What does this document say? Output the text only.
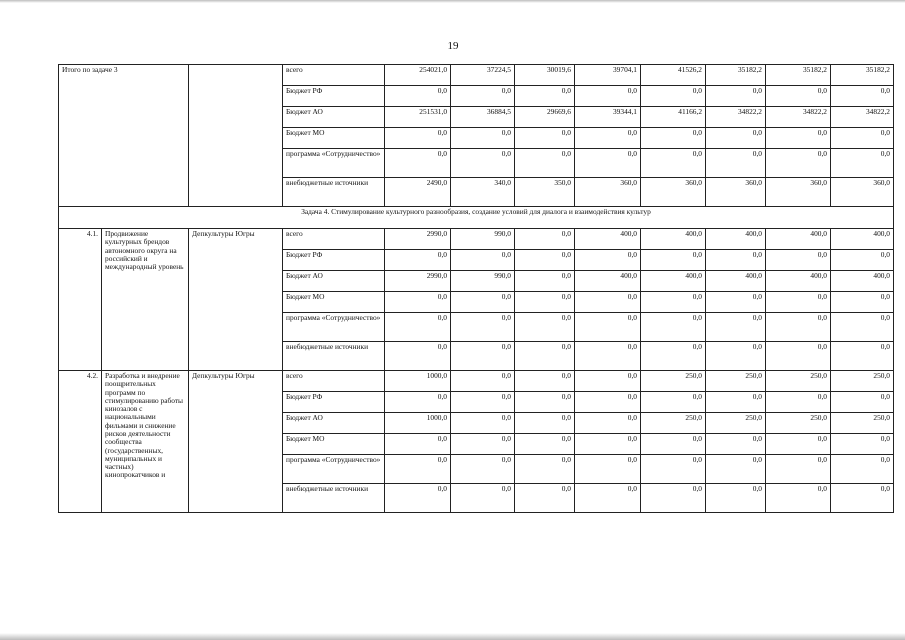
19
Итого по задаче 3			всего	254021,0	37224,5	30019,6	39704,1	41526,2	35182,2	35182,2	35182,2
			Бюджет РФ	0,0	0,0	0,0	0,0	0,0	0,0	0,0	0,0
			Бюджет АО	251531,0	36884,5	29669,6	39344,1	41166,2	34822,2	34822,2	34822,2
			Бюджет МО	0,0	0,0	0,0	0,0	0,0	0,0	0,0	0,0
			программа «Сотрудничество»	0,0	0,0	0,0	0,0	0,0	0,0	0,0	0,0
			внебюджетные источники	2490,0	340,0	350,0	360,0	360,0	360,0	360,0	360,0
Задача 4. Стимулирование культурного разнообразия, создание условий для диалога и взаимодействия культур											
4.1.	Продвижение культурных брендов автономного округа на российский и международный уровень	Депкультуры Югры	всего	2990,0	990,0	0,0	400,0	400,0	400,0	400,0	400,0
			Бюджет РФ	0,0	0,0	0,0	0,0	0,0	0,0	0,0	0,0
			Бюджет АО	2990,0	990,0	0,0	400,0	400,0	400,0	400,0	400,0
			Бюджет МО	0,0	0,0	0,0	0,0	0,0	0,0	0,0	0,0
			программа «Сотрудничество»	0,0	0,0	0,0	0,0	0,0	0,0	0,0	0,0
			внебюджетные источники	0,0	0,0	0,0	0,0	0,0	0,0	0,0	0,0
4.2.	Разработка и внедрение поощрительных программ по стимулированию работы кинозалов с национальными фильмами и снижение рисков деятельности сообщества (государственных, муниципальных и частных) кинопрокатчиков и	Депкультуры Югры	всего	1000,0	0,0	0,0	0,0	250,0	250,0	250,0	250,0
			Бюджет РФ	0,0	0,0	0,0	0,0	0,0	0,0	0,0	0,0
			Бюджет АО	1000,0	0,0	0,0	0,0	250,0	250,0	250,0	250,0
			Бюджет МО	0,0	0,0	0,0	0,0	0,0	0,0	0,0	0,0
			программа «Сотрудничество»	0,0	0,0	0,0	0,0	0,0	0,0	0,0	0,0
			внебюджетные источники	0,0	0,0	0,0	0,0	0,0	0,0	0,0	0,0
